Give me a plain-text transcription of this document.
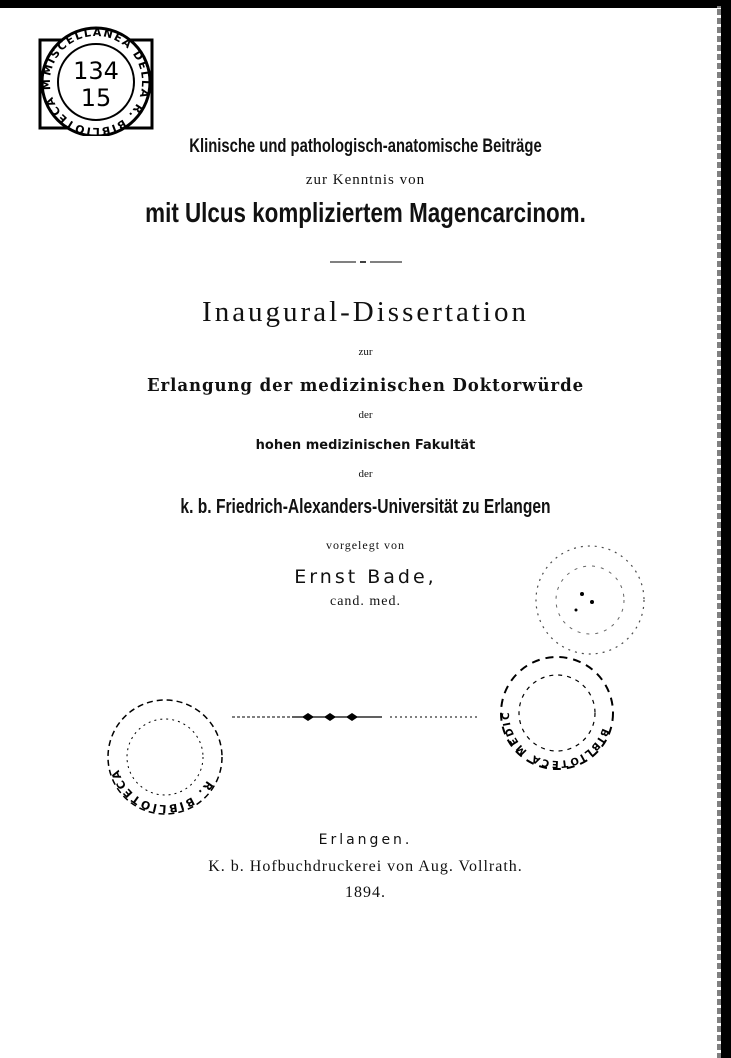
MISCELLANEA DELLA R. BIBLIOTECA M 134
15
Klinische und pathologisch-anatomische Beiträge
zur Kenntnis von
mit Ulcus kompliziertem Magencarcinom.
Inaugural-Dissertation
zur
Erlangung der medizinischen Doktorwürde
der
hohen medizinischen Fakultät
der
k. b. Friedrich-Alexanders-Universität zu Erlangen
vorgelegt von
Ernst Bade,
cand. med.
BIBLIOTECA MEDIC
R. BIBLIOTECA
Erlangen.
K. b. Hofbuchdruckerei von Aug. Vollrath.
1894.
